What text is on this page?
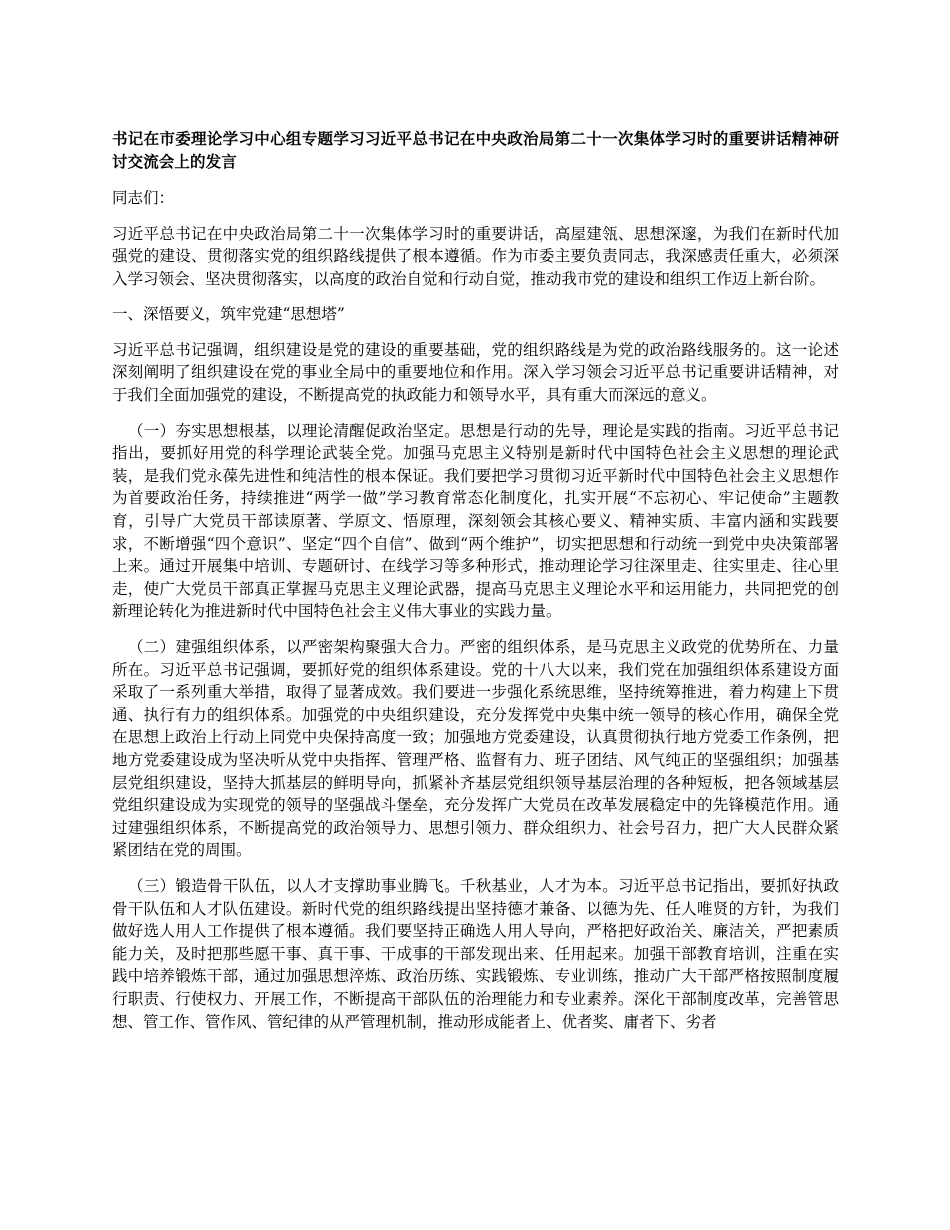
书记在市委理论学习中心组专题学习习近平总书记在中央政治局第二十一次集体学习时的重要讲话精神研讨交流会上的发言

同志们：

习近平总书记在中央政治局第二十一次集体学习时的重要讲话，高屋建瓴、思想深邃，为我们在新时代加强党的建设、贯彻落实党的组织路线提供了根本遵循。作为市委主要负责同志，我深感责任重大，必须深入学习领会、坚决贯彻落实，以高度的政治自觉和行动自觉，推动我市党的建设和组织工作迈上新台阶。

一、深悟要义，筑牢党建“思想塔”

习近平总书记强调，组织建设是党的建设的重要基础，党的组织路线是为党的政治路线服务的。这一论述深刻阐明了组织建设在党的事业全局中的重要地位和作用。深入学习领会习近平总书记重要讲话精神，对于我们全面加强党的建设，不断提高党的执政能力和领导水平，具有重大而深远的意义。

（一）夯实思想根基，以理论清醒促政治坚定。思想是行动的先导，理论是实践的指南。习近平总书记指出，要抓好用党的科学理论武装全党。加强马克思主义特别是新时代中国特色社会主义思想的理论武装，是我们党永葆先进性和纯洁性的根本保证。我们要把学习贯彻习近平新时代中国特色社会主义思想作为首要政治任务，持续推进“两学一做”学习教育常态化制度化，扎实开展“不忘初心、牢记使命”主题教育，引导广大党员干部读原著、学原文、悟原理，深刻领会其核心要义、精神实质、丰富内涵和实践要求，不断增强“四个意识”、坚定“四个自信”、做到“两个维护”，切实把思想和行动统一到党中央决策部署上来。通过开展集中培训、专题研讨、在线学习等多种形式，推动理论学习往深里走、往实里走、往心里走，使广大党员干部真正掌握马克思主义理论武器，提高马克思主义理论水平和运用能力，共同把党的创新理论转化为推进新时代中国特色社会主义伟大事业的实践力量。

（二）建强组织体系，以严密架构聚强大合力。严密的组织体系，是马克思主义政党的优势所在、力量所在。习近平总书记强调，要抓好党的组织体系建设。党的十八大以来，我们党在加强组织体系建设方面采取了一系列重大举措，取得了显著成效。我们要进一步强化系统思维，坚持统筹推进，着力构建上下贯通、执行有力的组织体系。加强党的中央组织建设，充分发挥党中央集中统一领导的核心作用，确保全党在思想上政治上行动上同党中央保持高度一致；加强地方党委建设，认真贯彻执行地方党委工作条例，把地方党委建设成为坚决听从党中央指挥、管理严格、监督有力、班子团结、风气纯正的坚强组织；加强基层党组织建设，坚持大抓基层的鲜明导向，抓紧补齐基层党组织领导基层治理的各种短板，把各领域基层党组织建设成为实现党的领导的坚强战斗堡垒，充分发挥广大党员在改革发展稳定中的先锋模范作用。通过建强组织体系，不断提高党的政治领导力、思想引领力、群众组织力、社会号召力，把广大人民群众紧紧团结在党的周围。

（三）锻造骨干队伍，以人才支撑助事业腾飞。千秋基业，人才为本。习近平总书记指出，要抓好执政骨干队伍和人才队伍建设。新时代党的组织路线提出坚持德才兼备、以德为先、任人唯贤的方针，为我们做好选人用人工作提供了根本遵循。我们要坚持正确选人用人导向，严格把好政治关、廉洁关，严把素质能力关，及时把那些愿干事、真干事、干成事的干部发现出来、任用起来。加强干部教育培训，注重在实践中培养锻炼干部，通过加强思想淬炼、政治历练、实践锻炼、专业训练，推动广大干部严格按照制度履行职责、行使权力、开展工作，不断提高干部队伍的治理能力和专业素养。深化干部制度改革，完善管思想、管工作、管作风、管纪律的从严管理机制，推动形成能者上、优者奖、庸者下、劣者
